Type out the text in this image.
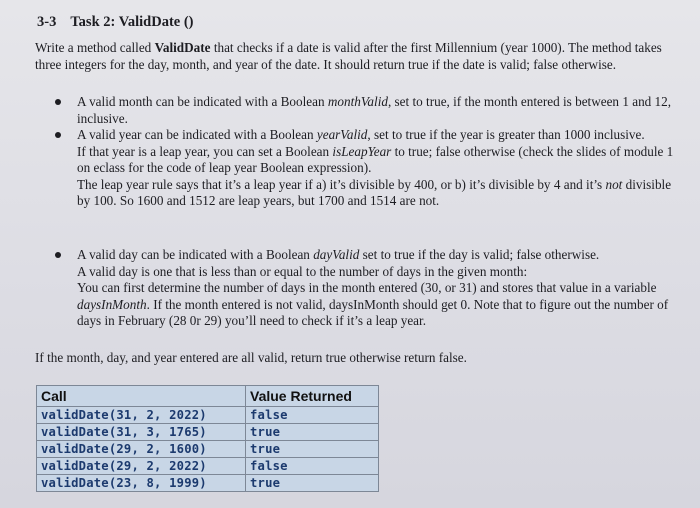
3-3 Task 2: ValidDate ()
Write a method called ValidDate that checks if a date is valid after the first Millennium (year 1000). The method takes three integers for the day, month, and year of the date. It should return true if the date is valid; false otherwise.
A valid month can be indicated with a Boolean monthValid, set to true, if the month entered is between 1 and 12, inclusive.
A valid year can be indicated with a Boolean yearValid, set to true if the year is greater than 1000 inclusive.
If that year is a leap year, you can set a Boolean isLeapYear to true; false otherwise (check the slides of module 1 on eclass for the code of leap year Boolean expression).
The leap year rule says that it’s a leap year if a) it’s divisible by 400, or b) it’s divisible by 4 and it’s not divisible by 100. So 1600 and 1512 are leap years, but 1700 and 1514 are not.
A valid day can be indicated with a Boolean dayValid set to true if the day is valid; false otherwise.
A valid day is one that is less than or equal to the number of days in the given month:
You can first determine the number of days in the month entered (30, or 31) and stores that value in a variable daysInMonth. If the month entered is not valid, daysInMonth should get 0. Note that to figure out the number of days in February (28 0r 29) you’ll need to check if it’s a leap year.
If the month, day, and year entered are all valid, return true otherwise return false.
Call	Value Returned
validDate(31, 2, 2022)	false
validDate(31, 3, 1765)	true
validDate(29, 2, 1600)	true
validDate(29, 2, 2022)	false
validDate(23, 8, 1999)	true
